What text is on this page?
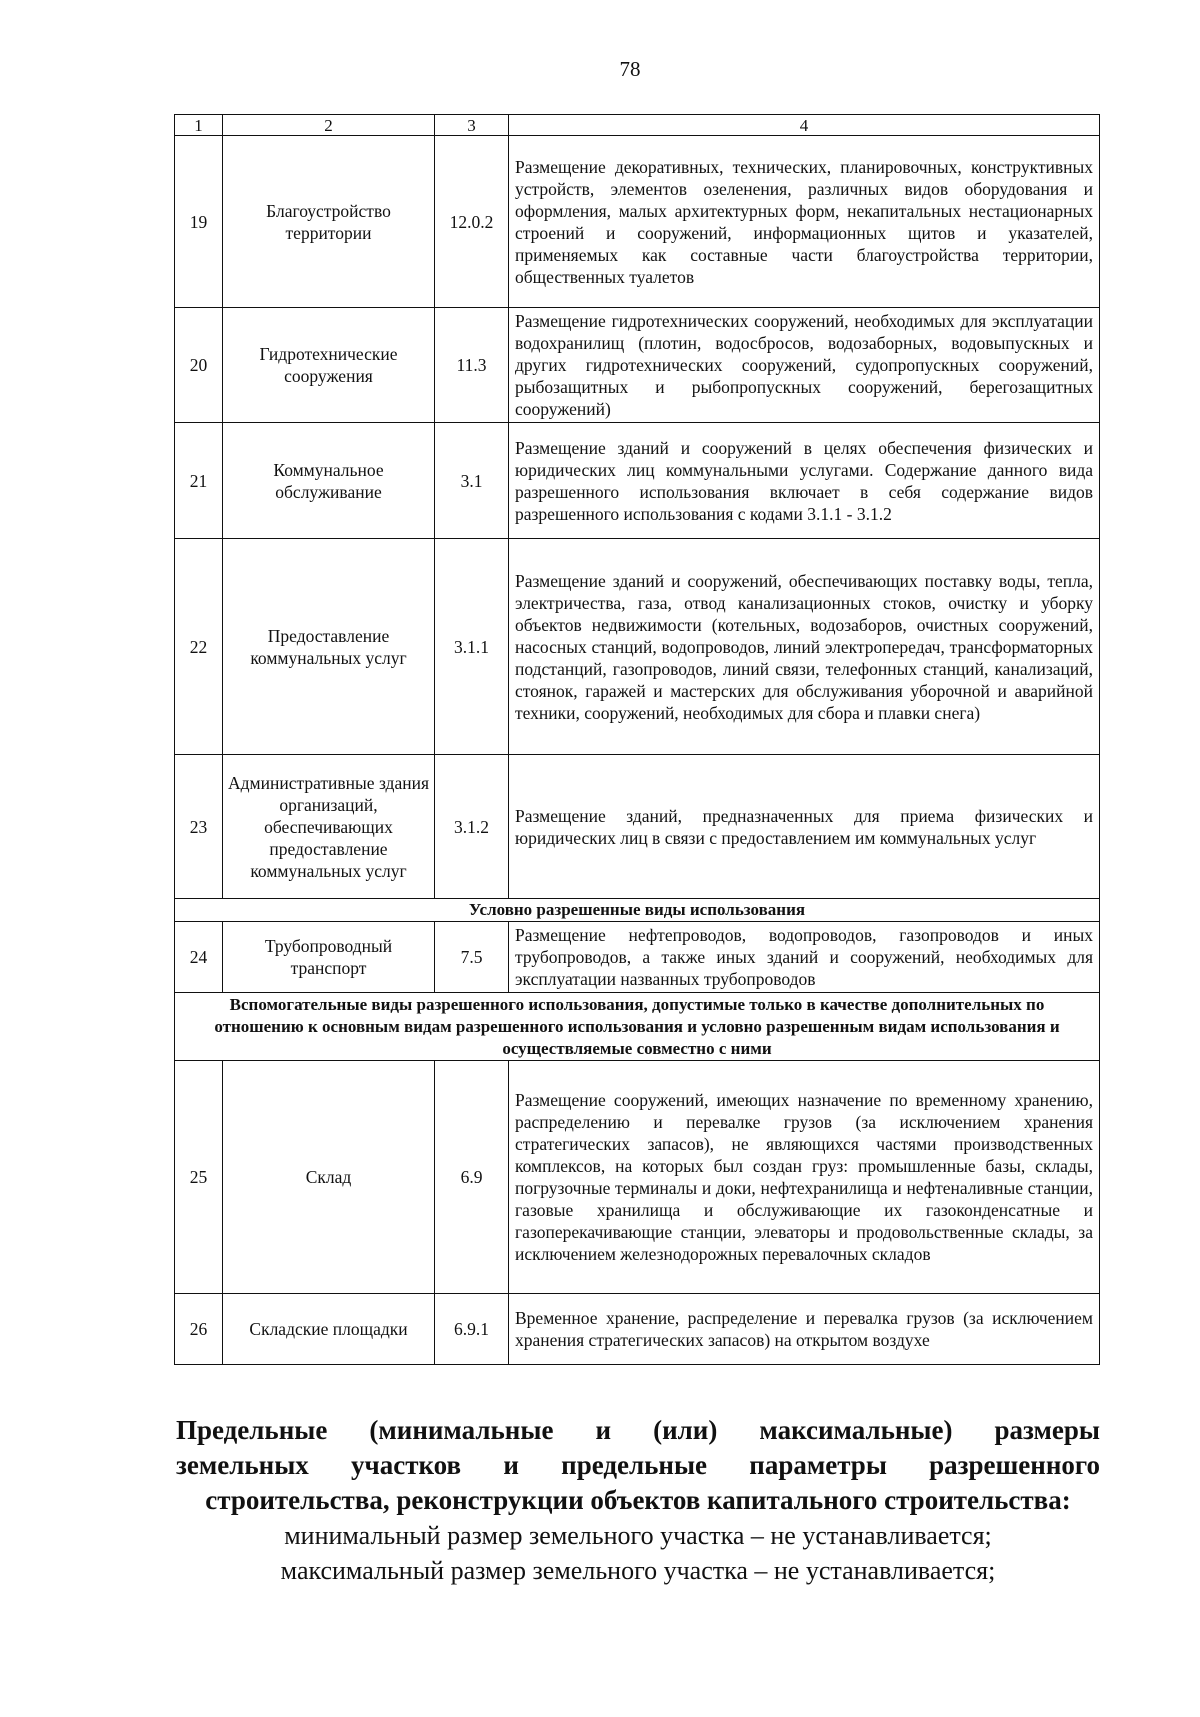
78
1	2	3	4
19	Благоустройство территории	12.0.2	Размещение декоративных, технических, планировочных, конструктивных устройств, элементов озеленения, различных видов оборудования и оформления, малых архитектурных форм, некапитальных нестационарных строений и сооружений, информационных щитов и указателей, применяемых как составные части благоустройства территории, общественных туалетов
20	Гидротехнические сооружения	11.3	Размещение гидротехнических сооружений, необходимых для эксплуатации водохранилищ (плотин, водосбросов, водозаборных, водовыпускных и других гидротехнических сооружений, судопропускных сооружений, рыбозащитных и рыбопропускных сооружений, берегозащитных сооружений)
21	Коммунальное обслуживание	3.1	Размещение зданий и сооружений в целях обеспечения физических и юридических лиц коммунальными услугами. Содержание данного вида разрешенного использования включает в себя содержание видов разрешенного использования с кодами 3.1.1 - 3.1.2
22	Предоставление коммунальных услуг	3.1.1	Размещение зданий и сооружений, обеспечивающих поставку воды, тепла, электричества, газа, отвод канализационных стоков, очистку и уборку объектов недвижимости (котельных, водозаборов, очистных сооружений, насосных станций, водопроводов, линий электропередач, трансформаторных подстанций, газопроводов, линий связи, телефонных станций, канализаций, стоянок, гаражей и мастерских для обслуживания уборочной и аварийной техники, сооружений, необходимых для сбора и плавки снега)
23	Административные здания организаций, обеспечивающих предоставление коммунальных услуг	3.1.2	Размещение зданий, предназначенных для приема физических и юридических лиц в связи с предоставлением им коммунальных услуг
Условно разрешенные виды использования			
24	Трубопроводный транспорт	7.5	Размещение нефтепроводов, водопроводов, газопроводов и иных трубопроводов, а также иных зданий и сооружений, необходимых для эксплуатации названных трубопроводов
Вспомогательные виды разрешенного использования, допустимые только в качестве дополнительных по отношению к основным видам разрешенного использования и условно разрешенным видам использования и осуществляемые совместно с ними			
25	Склад	6.9	Размещение сооружений, имеющих назначение по временному хранению, распределению и перевалке грузов (за исключением хранения стратегических запасов), не являющихся частями производственных комплексов, на которых был создан груз: промышленные базы, склады, погрузочные терминалы и доки, нефтехранилища и нефтеналивные станции, газовые хранилища и обслуживающие их газоконденсатные и газоперекачивающие станции, элеваторы и продовольственные склады, за исключением железнодорожных перевалочных складов
26	Складские площадки	6.9.1	Временное хранение, распределение и перевалка грузов (за исключением хранения стратегических запасов) на открытом воздухе

Предельные (минимальные и (или) максимальные) размеры

земельных участков и предельные параметры разрешенного

строительства, реконструкции объектов капитального строительства:

минимальный размер земельного участка – не устанавливается;

максимальный размер земельного участка – не устанавливается;
